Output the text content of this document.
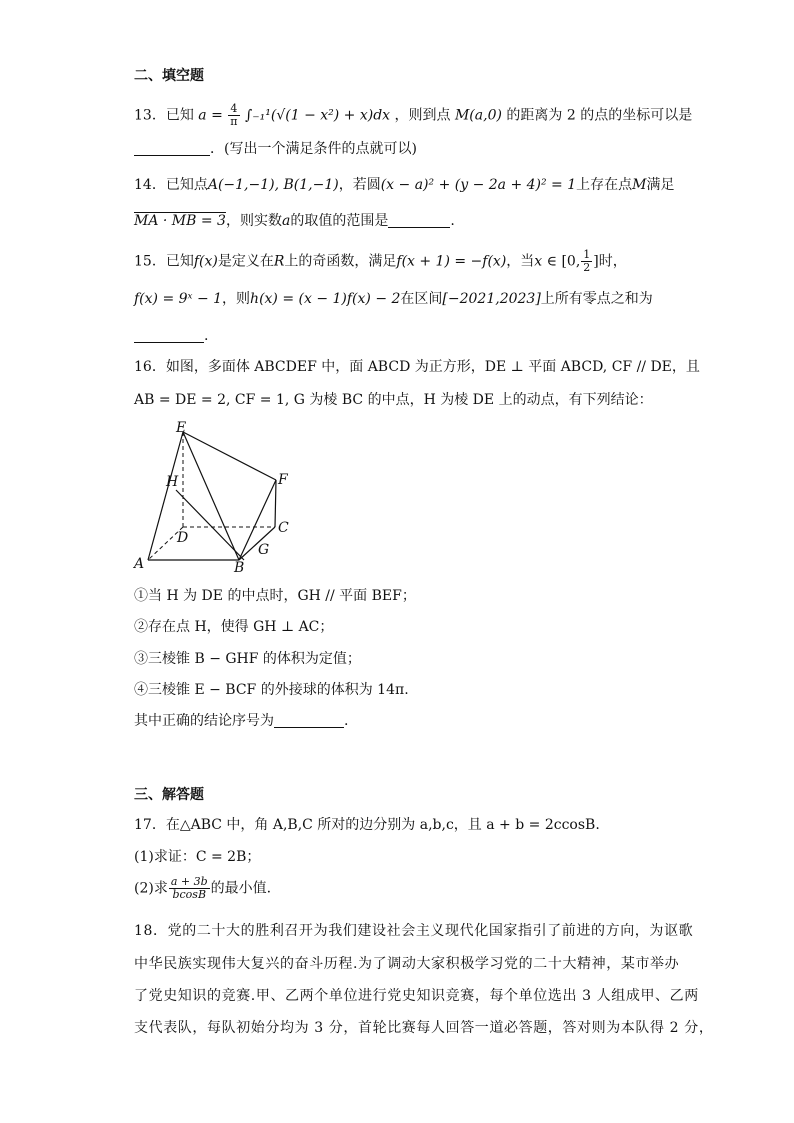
二、填空题
13．已知 $a = \frac{4}{\pi} \int_{-1}^1(√(1 - x^2) + x)dx$ ，则到点 M(a,0) 的距离为 2 的点的坐标可以是
．(写出一个满足条件的点就可以)
14．已知点A(−1,−1), B(1,−1)，若圆(x − a)² + (y − 2a + 4)² = 1上存在点M满足
MA · MB = 3，则实数a的取值的范围是	.
15．已知f(x)是定义在R上的奇函数，满足f(x + 1) = −f(x)，当x ∈ [0, $\frac{1}{2}$ ]时，
f(x) = 9ˣ − 1，则h(x) = (x − 1)f(x) − 2在区间[−2021,2023]上所有零点之和为
.
16．如图，多面体 ABCDEF 中，面 ABCD 为正方形，DE ⊥ 平面 ABCD, CF // DE，且
AB = DE = 2, CF = 1, G 为棱 BC 的中点，H 为棱 DE 上的动点，有下列结论：
E
H	F
D
C
A	B
G
①当 H 为 DE 的中点时，GH // 平面 BEF；
②存在点 H，使得 GH ⊥ AC；
③三棱锥 B − GHF 的体积为定值；
④三棱锥 E − BCF 的外接球的体积为 14π.
其中正确的结论序号为	.
三、解答题
17．在△ABC 中，角 A,B,C 所对的边分别为 a,b,c，且 a + b = 2ccosB.
(1)求证：C = 2B；
(2)求 $\frac{a + 3b}{bcosB}$ 的最小值.
18．党的二十大的胜利召开为我们建设社会主义现代化国家指引了前进的方向，为讴歌
中华民族实现伟大复兴的奋斗历程.为了调动大家积极学习党的二十大精神，某市举办
了党史知识的竞赛.甲、乙两个单位进行党史知识竞赛，每个单位选出 3 人组成甲、乙两
支代表队，每队初始分均为 3 分，首轮比赛每人回答一道必答题，答对则为本队得 2 分，
